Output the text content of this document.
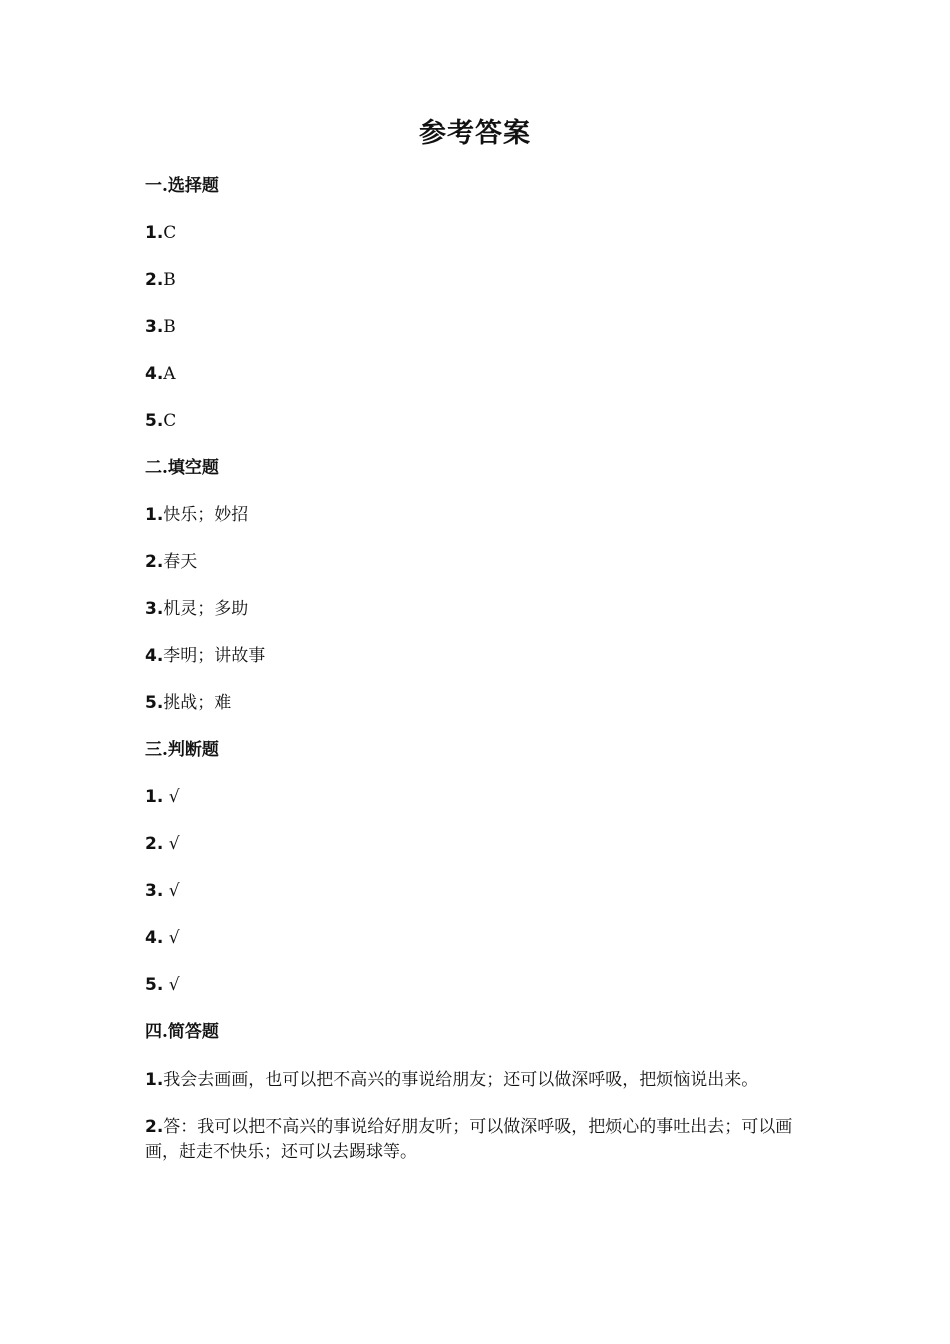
参考答案
一.选择题
1.C
2.B
3.B
4.A
5.C
二.填空题
1.快乐；妙招
2.春天
3.机灵；多助
4.李明；讲故事
5.挑战；难
三.判断题
1. √
2. √
3. √
4. √
5. √
四.简答题
1.我会去画画，也可以把不高兴的事说给朋友；还可以做深呼吸，把烦恼说出来。
2.答：我可以把不高兴的事说给好朋友听；可以做深呼吸，把烦心的事吐出去；可以画画，赶走不快乐；还可以去踢球等。
